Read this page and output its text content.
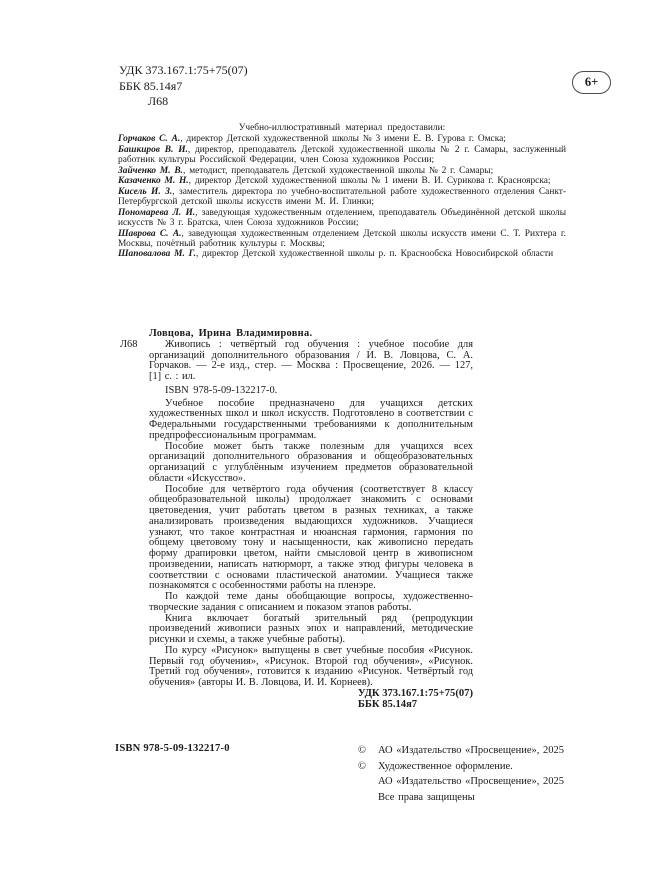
УДК 373.167.1:75+75(07)
ББК 85.14я7
Л68
6+

Учебно-иллюстративный материал предоставили:

Горчаков С. А., директор Детской художественной школы № 3 имени Е. В. Гурова г. Омска;

Башкиров В. И., директор, преподаватель Детской художественной школы № 2 г. Самары, заслуженный работник культуры Российской Федерации, член Союза художников России;

Зайченко М. В., методист, преподаватель Детской художественной школы № 2 г. Самары;

Казаченко М. Н., директор Детской художественной школы № 1 имени В. И. Сурикова г. Красноярска;

Кисель И. З., заместитель директора по учебно-воспитательной работе художественного отделения Санкт-Петербургской детской школы искусств имени М. И. Глинки;

Пономарева Л. И., заведующая художественным отделением, преподаватель Объединённой детской школы искусств № 3 г. Братска, член Союза художников России;

Шаврова С. А., заведующая художественным отделением Детской школы искусств имени С. Т. Рихтера г. Москвы, почётный работник культуры г. Москвы;

Шаповалова М. Г., директор Детской художественной школы р. п. Краснообска Новосибирской области

Л68

Ловцова, Ирина Владимировна.

Живопись : четвёртый год обучения : учебное пособие для организаций дополнительного образования / И. В. Ловцова, С. А. Горчаков. — 2-е изд., стер. — Москва : Просвещение, 2026. — 127, [1] с. : ил.

ISBN 978-5-09-132217-0.

Учебное пособие предназначено для учащихся детских художественных школ и школ искусств. Подготовлено в соответствии с Федеральными государственными требованиями к дополнительным предпрофессиональным программам.

Пособие может быть также полезным для учащихся всех организаций дополнительного образования и общеобразовательных организаций с углублённым изучением предметов образовательной области «Искусство».

Пособие для четвёртого года обучения (соответствует 8 классу общеобразовательной школы) продолжает знакомить с основами цветоведения, учит работать цветом в разных техниках, а также анализировать произведения выдающихся художников. Учащиеся узнают, что такое контрастная и нюансная гармония, гармония по общему цветовому тону и насыщенности, как живописно передать форму драпировки цветом, найти смысловой центр в живописном произведении, написать натюрморт, а также этюд фигуры человека в соответствии с основами пластической анатомии. Учащиеся также познакомятся с особенностями работы на пленэре.

По каждой теме даны обобщающие вопросы, художественно-творческие задания с описанием и показом этапов работы.

Книга включает богатый зрительный ряд (репродукции произведений живописи разных эпох и направлений, методические рисунки и схемы, а также учебные работы).

По курсу «Рисунок» выпущены в свет учебные пособия «Рисунок. Первый год обучения», «Рисунок. Второй год обучения», «Рисунок. Третий год обучения», готовится к изданию «Рисунок. Четвёртый год обучения» (авторы И. В. Ловцова, И. И. Корнеев).

УДК 373.167.1:75+75(07)
ББК 85.14я7
ISBN 978-5-09-132217-0	©	АО «Издательство «Просвещение», 2025
©	Художественное оформление.
АО «Издательство «Просвещение», 2025
Все права защищены
